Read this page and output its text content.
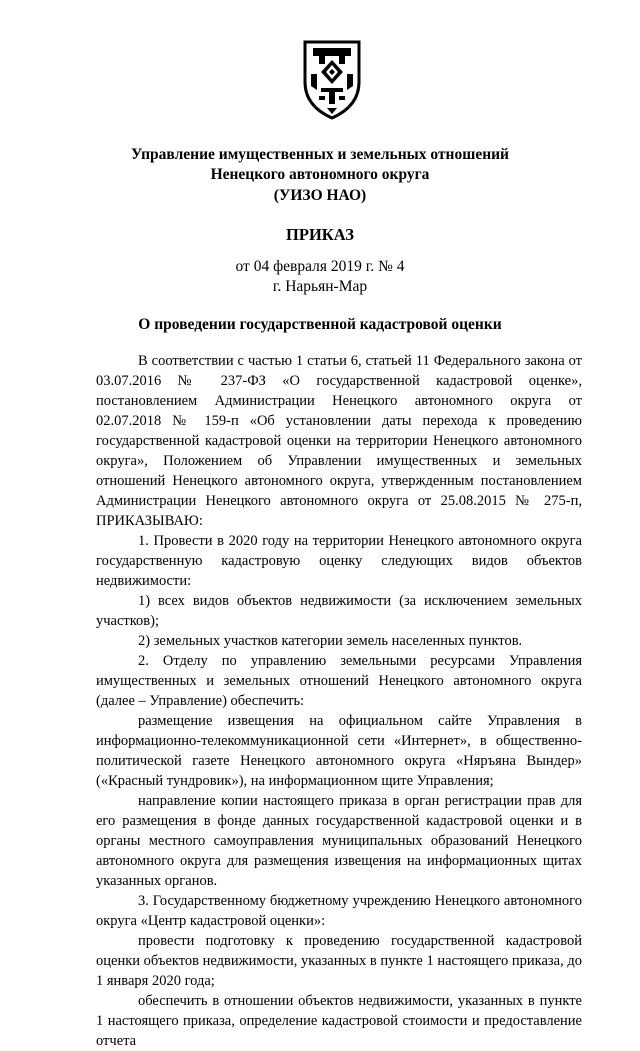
Управление имущественных и земельных отношений
Ненецкого автономного округа
(УИЗО НАО)
ПРИКАЗ
от 04 февраля 2019 г. № 4
г. Нарьян-Мар
О проведении государственной кадастровой оценки

В соответствии с частью 1 статьи 6, статьей 11 Федерального закона от 03.07.2016 № 237-ФЗ «О государственной кадастровой оценке», постановлением Администрации Ненецкого автономного округа от 02.07.2018 № 159-п «Об установлении даты перехода к проведению государственной кадастровой оценки на территории Ненецкого автономного округа», Положением об Управлении имущественных и земельных отношений Ненецкого автономного округа, утвержденным постановлением Администрации Ненецкого автономного округа от 25.08.2015 № 275-п, ПРИКАЗЫВАЮ:

1. Провести в 2020 году на территории Ненецкого автономного округа государственную кадастровую оценку следующих видов объектов недвижимости:

1) всех видов объектов недвижимости (за исключением земельных участков);

2) земельных участков категории земель населенных пунктов.

2. Отделу по управлению земельными ресурсами Управления имущественных и земельных отношений Ненецкого автономного округа (далее – Управление) обеспечить:

размещение извещения на официальном сайте Управления в информационно-телекоммуникационной сети «Интернет», в общественно-политической газете Ненецкого автономного округа «Няръяна Вындер» («Красный тундровик»), на информационном щите Управления;

направление копии настоящего приказа в орган регистрации прав для его размещения в фонде данных государственной кадастровой оценки и в органы местного самоуправления муниципальных образований Ненецкого автономного округа для размещения извещения на информационных щитах указанных органов.

3. Государственному бюджетному учреждению Ненецкого автономного округа «Центр кадастровой оценки»:

провести подготовку к проведению государственной кадастровой оценки объектов недвижимости, указанных в пункте 1 настоящего приказа, до 1 января 2020 года;

обеспечить в отношении объектов недвижимости, указанных в пункте 1 настоящего приказа, определение кадастровой стоимости и предоставление отчета
